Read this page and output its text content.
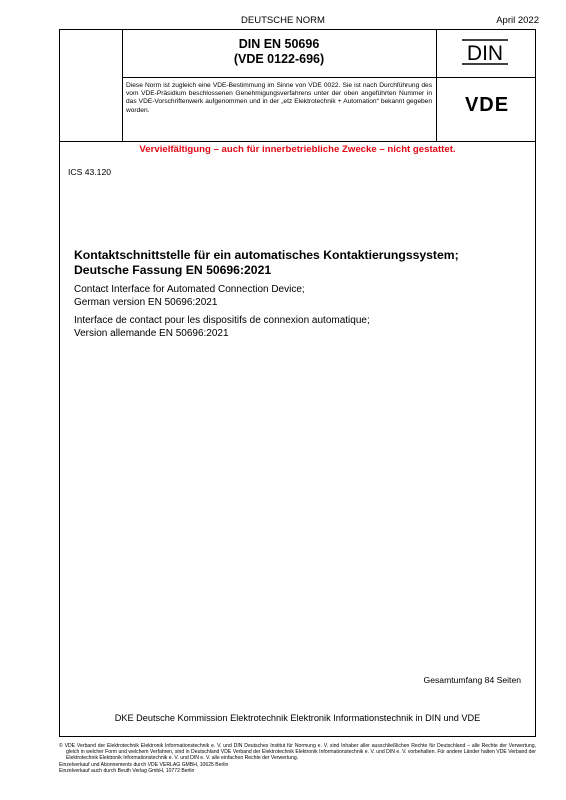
DEUTSCHE NORM	April 2022
DIN EN 50696
(VDE 0122-696)
Diese Norm ist zugleich eine VDE-Bestimmung im Sinne von VDE 0022. Sie ist nach Durchführung des vom VDE-Präsidium beschlossenen Genehmigungsverfahrens unter der oben angeführten Nummer in das VDE-Vorschriftenwerk aufgenommen und in der „etz Elektrotechnik + Automation“ bekannt gegeben worden.
DIN
VDE
Vervielfältigung – auch für innerbetriebliche Zwecke – nicht gestattet.
ICS 43.120
Kontaktschnittstelle für ein automatisches Kontaktierungssystem;
Deutsche Fassung EN 50696:2021
Contact Interface for Automated Connection Device;
German version EN 50696:2021
Interface de contact pour les dispositifs de connexion automatique;
Version allemande EN 50696:2021
Gesamtumfang 84 Seiten
DKE Deutsche Kommission Elektrotechnik Elektronik Informationstechnik in DIN und VDE

© VDE Verband der Elektrotechnik Elektronik Informationstechnik e. V. und DIN Deutsches Institut für Normung e. V. sind Inhaber aller ausschließlichen Rechte für Deutschland – alle Rechte der Verwertung, gleich in welcher Form und welchem Verfahren, sind in Deutschland VDE Verband der Elektrotechnik Elektronik Informationstechnik e. V. und DIN e. V. vorbehalten. Für andere Länder halten VDE Verband der Elektrotechnik Elektronik Informationstechnik e. V. und DIN e. V. alle einfachen Rechte der Verwertung.

Einzelverkauf und Abonnements durch VDE VERLAG GMBH, 10625 Berlin

Einzelverkauf auch durch Beuth Verlag GmbH, 10772 Berlin
